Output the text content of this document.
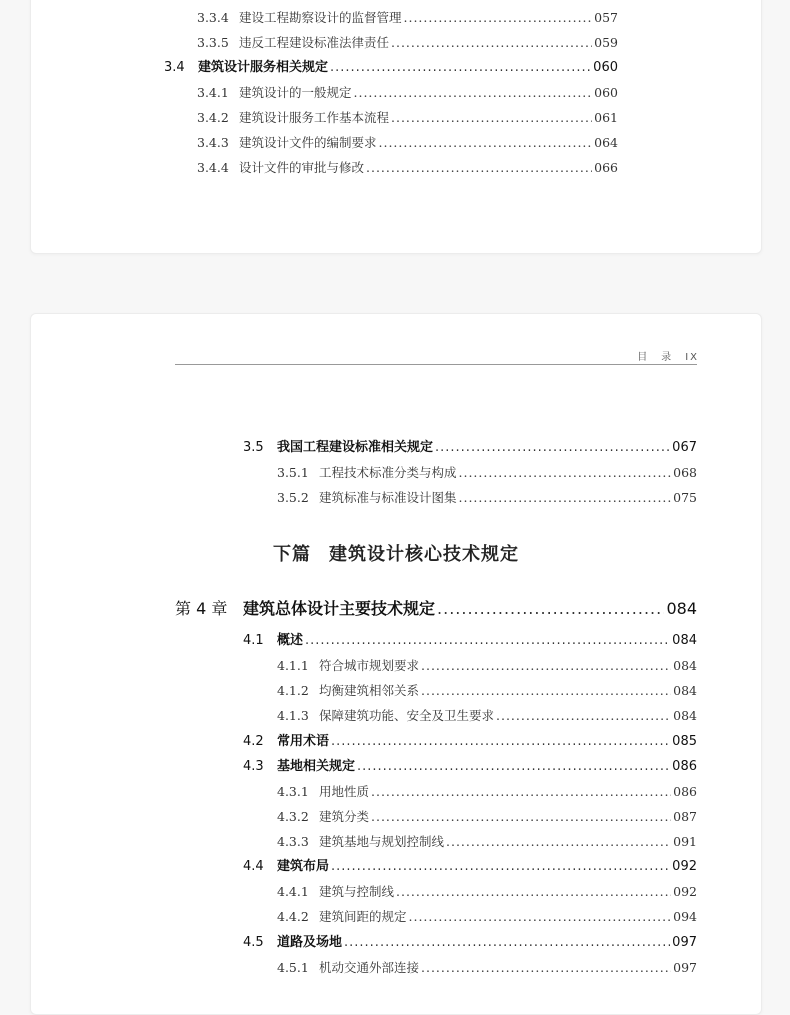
3.3.4 建设工程勘察设计的监督管理 .....	057
3.3.5 违反工程建设标准法律责任 .....	059
3.4	建筑设计服务相关规定 .....	060
3.4.1 建筑设计的一般规定 .....	060
3.4.2 建筑设计服务工作基本流程 .....	061
3.4.3 建筑设计文件的编制要求 .....	064
3.4.4 设计文件的审批与修改 .....	066
目　录 IX
3.5	我国工程建设标准相关规定 .....	067
3.5.1 工程技术标准分类与构成 .....	068
3.5.2 建筑标准与标准设计图集 .....	075
下篇 建筑设计核心技术规定
第 4 章 建筑总体设计主要技术规定 .....	084
4.1	概述 .....	084
4.1.1 符合城市规划要求 .....	084
4.1.2 均衡建筑相邻关系 .....	084
4.1.3 保障建筑功能、安全及卫生要求 .....	084
4.2	常用术语 .....	085
4.3	基地相关规定 .....	086
4.3.1 用地性质 .....	086
4.3.2 建筑分类 .....	087
4.3.3 建筑基地与规划控制线 .....	091
4.4	建筑布局 .....	092
4.4.1 建筑与控制线 .....	092
4.4.2 建筑间距的规定 .....	094
4.5	道路及场地 .....	097
4.5.1 机动交通外部连接 .....	097
